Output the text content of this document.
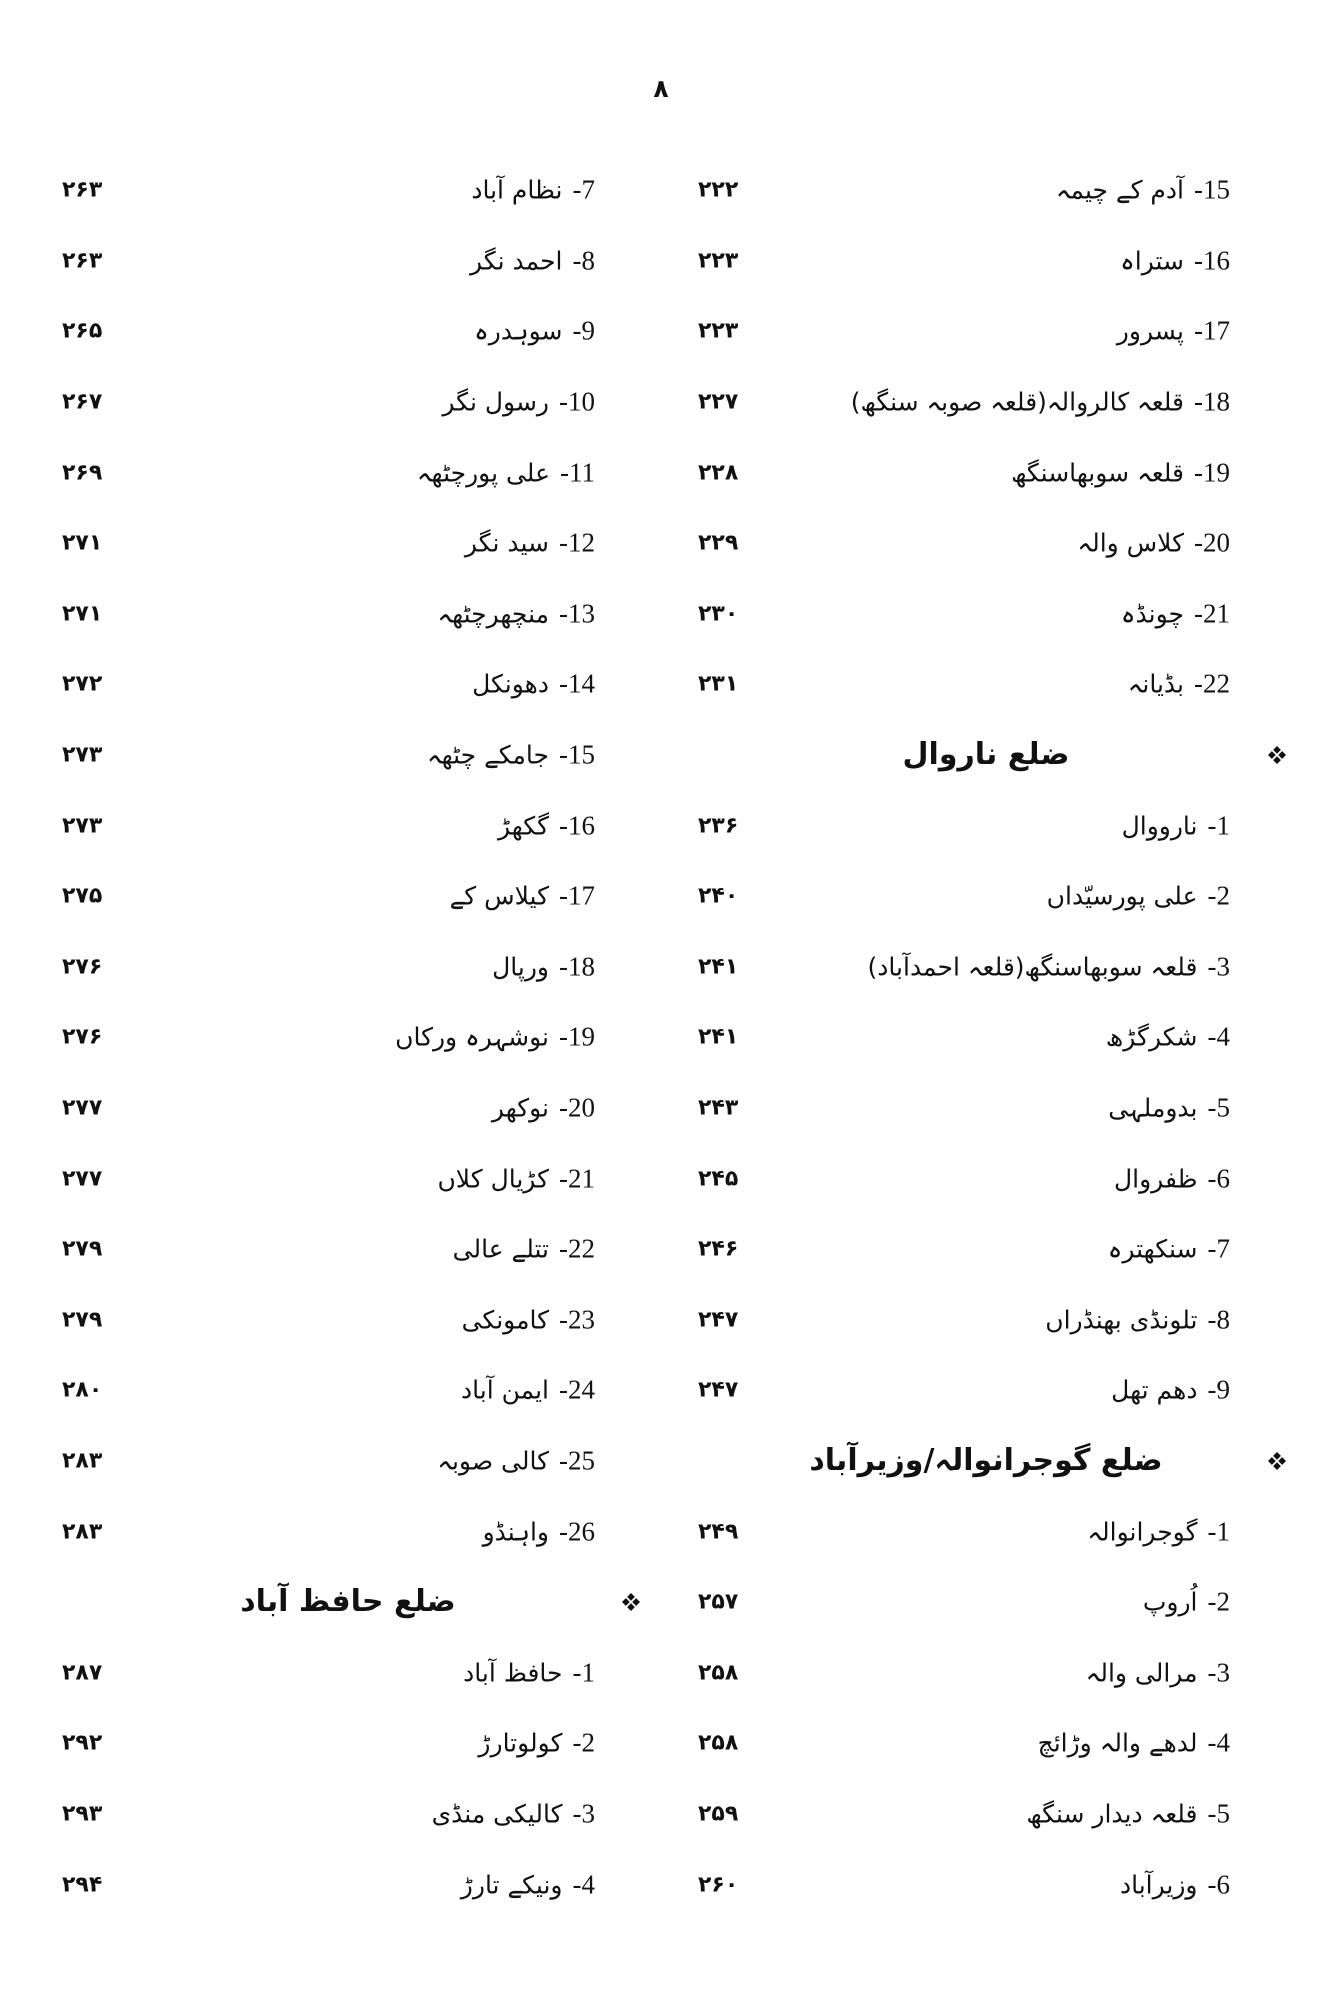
۸
۲۲۲	15-آدم کے چیمہ
۲۲۳	16-ستراہ
۲۲۳	17-پسرور
۲۲۷	18-قلعہ کالروالہ(قلعہ صوبہ سنگھ)
۲۲۸	19-قلعہ سوبھاسنگھ
۲۲۹	20-کلاس والہ
۲۳۰	21-چونڈہ
۲۳۱	22-بڈیانہ
ضلع ناروال
۲۳۶	1-نارووال
۲۴۰	2-علی پورسیّداں
۲۴۱	3-قلعہ سوبھاسنگھ(قلعہ احمدآباد)
۲۴۱	4-شکرگڑھ
۲۴۳	5-بدوملہی
۲۴۵	6-ظفروال
۲۴۶	7-سنکھترہ
۲۴۷	8-تلونڈی بھنڈراں
۲۴۷	9-دھم تھل
ضلع گوجرانوالہ/وزیرآباد
۲۴۹	1-گوجرانوالہ
۲۵۷	2-اُروپ
۲۵۸	3-مرالی والہ
۲۵۸	4-لدھے والہ وڑائچ
۲۵۹	5-قلعہ دیدار سنگھ
۲۶۰	6-وزیرآباد
۲۶۳	7-نظام آباد
۲۶۳	8-احمد نگر
۲۶۵	9-سوہدرہ
۲۶۷	10-رسول نگر
۲۶۹	11-علی پورچٹھہ
۲۷۱	12-سید نگر
۲۷۱	13-منچھرچٹھہ
۲۷۲	14-دھونکل
۲۷۳	15-جامکے چٹھہ
۲۷۳	16-گکھڑ
۲۷۵	17-کیلاس کے
۲۷۶	18-ورپال
۲۷۶	19-نوشہرہ ورکاں
۲۷۷	20-نوکھر
۲۷۷	21-کڑیال کلاں
۲۷۹	22-تتلے عالی
۲۷۹	23-کامونکی
۲۸۰	24-ایمن آباد
۲۸۳	25-کالی صوبہ
۲۸۳	26-واہنڈو
ضلع حافظ آباد
۲۸۷	1-حافظ آباد
۲۹۲	2-کولوتارڑ
۲۹۳	3-کالیکی منڈی
۲۹۴	4-ونیکے تارڑ
